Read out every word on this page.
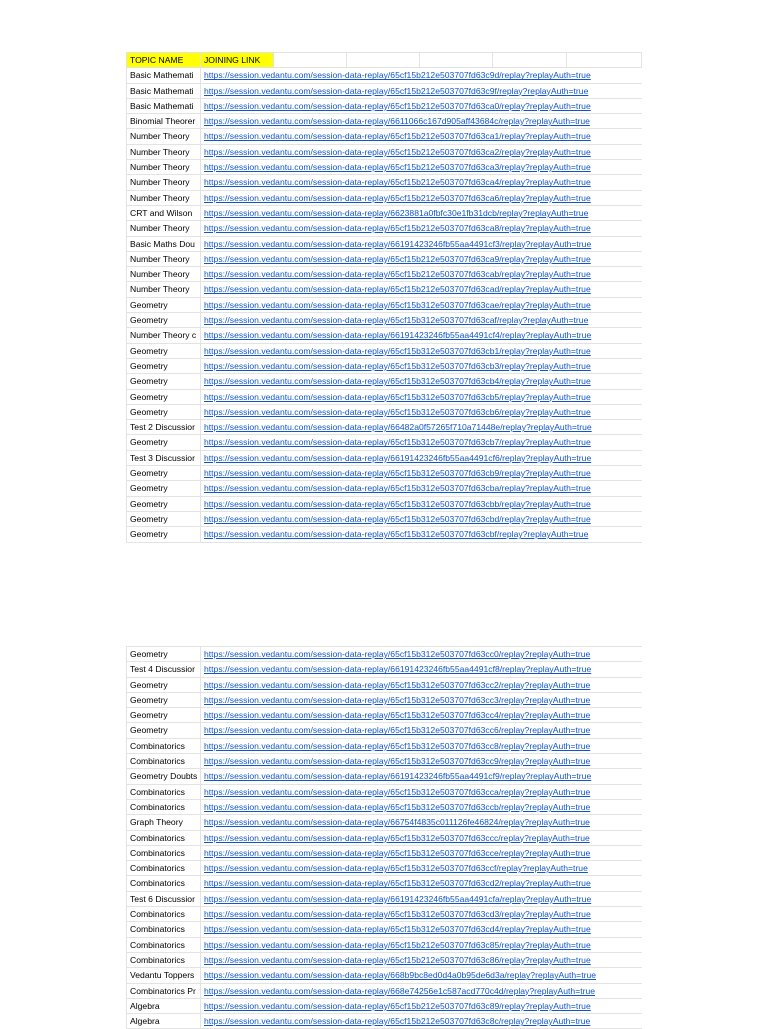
TOPIC NAME	JOINING LINK					
Basic Mathemati	https://session.vedantu.com/session-data-replay/65cf15b212e503707fd63c9d/replay?replayAuth=true					
Basic Mathemati	https://session.vedantu.com/session-data-replay/65cf15b212e503707fd63c9f/replay?replayAuth=true					
Basic Mathemati	https://session.vedantu.com/session-data-replay/65cf15b212e503707fd63ca0/replay?replayAuth=true					
Binomial Theorer	https://session.vedantu.com/session-data-replay/6611066c167d905aff43684c/replay?replayAuth=true					
Number Theory	https://session.vedantu.com/session-data-replay/65cf15b212e503707fd63ca1/replay?replayAuth=true					
Number Theory	https://session.vedantu.com/session-data-replay/65cf15b212e503707fd63ca2/replay?replayAuth=true					
Number Theory	https://session.vedantu.com/session-data-replay/65cf15b212e503707fd63ca3/replay?replayAuth=true					
Number Theory	https://session.vedantu.com/session-data-replay/65cf15b212e503707fd63ca4/replay?replayAuth=true					
Number Theory	https://session.vedantu.com/session-data-replay/65cf15b212e503707fd63ca6/replay?replayAuth=true					
CRT and Wilson	https://session.vedantu.com/session-data-replay/6623881a0fbfc30e1fb31dcb/replay?replayAuth=true					
Number Theory	https://session.vedantu.com/session-data-replay/65cf15b212e503707fd63ca8/replay?replayAuth=true					
Basic Maths Dou	https://session.vedantu.com/session-data-replay/66191423246fb55aa4491cf3/replay?replayAuth=true					
Number Theory	https://session.vedantu.com/session-data-replay/65cf15b212e503707fd63ca9/replay?replayAuth=true					
Number Theory	https://session.vedantu.com/session-data-replay/65cf15b212e503707fd63cab/replay?replayAuth=true					
Number Theory	https://session.vedantu.com/session-data-replay/65cf15b212e503707fd63cad/replay?replayAuth=true					
Geometry	https://session.vedantu.com/session-data-replay/65cf15b312e503707fd63cae/replay?replayAuth=true					
Geometry	https://session.vedantu.com/session-data-replay/65cf15b312e503707fd63caf/replay?replayAuth=true					
Number Theory c	https://session.vedantu.com/session-data-replay/66191423246fb55aa4491cf4/replay?replayAuth=true					
Geometry	https://session.vedantu.com/session-data-replay/65cf15b312e503707fd63cb1/replay?replayAuth=true					
Geometry	https://session.vedantu.com/session-data-replay/65cf15b312e503707fd63cb3/replay?replayAuth=true					
Geometry	https://session.vedantu.com/session-data-replay/65cf15b312e503707fd63cb4/replay?replayAuth=true					
Geometry	https://session.vedantu.com/session-data-replay/65cf15b312e503707fd63cb5/replay?replayAuth=true					
Geometry	https://session.vedantu.com/session-data-replay/65cf15b312e503707fd63cb6/replay?replayAuth=true					
Test 2 Discussior	https://session.vedantu.com/session-data-replay/66482a0f57265f710a71448e/replay?replayAuth=true					
Geometry	https://session.vedantu.com/session-data-replay/65cf15b312e503707fd63cb7/replay?replayAuth=true					
Test 3 Discussior	https://session.vedantu.com/session-data-replay/66191423246fb55aa4491cf6/replay?replayAuth=true					
Geometry	https://session.vedantu.com/session-data-replay/65cf15b312e503707fd63cb9/replay?replayAuth=true					
Geometry	https://session.vedantu.com/session-data-replay/65cf15b312e503707fd63cba/replay?replayAuth=true					
Geometry	https://session.vedantu.com/session-data-replay/65cf15b312e503707fd63cbb/replay?replayAuth=true					
Geometry	https://session.vedantu.com/session-data-replay/65cf15b312e503707fd63cbd/replay?replayAuth=true					
Geometry	https://session.vedantu.com/session-data-replay/65cf15b312e503707fd63cbf/replay?replayAuth=true					
Geometry	https://session.vedantu.com/session-data-replay/65cf15b312e503707fd63cc0/replay?replayAuth=true
Test 4 Discussior	https://session.vedantu.com/session-data-replay/66191423246fb55aa4491cf8/replay?replayAuth=true
Geometry	https://session.vedantu.com/session-data-replay/65cf15b312e503707fd63cc2/replay?replayAuth=true
Geometry	https://session.vedantu.com/session-data-replay/65cf15b312e503707fd63cc3/replay?replayAuth=true
Geometry	https://session.vedantu.com/session-data-replay/65cf15b312e503707fd63cc4/replay?replayAuth=true
Geometry	https://session.vedantu.com/session-data-replay/65cf15b312e503707fd63cc6/replay?replayAuth=true
Combinatorics	https://session.vedantu.com/session-data-replay/65cf15b312e503707fd63cc8/replay?replayAuth=true
Combinatorics	https://session.vedantu.com/session-data-replay/65cf15b312e503707fd63cc9/replay?replayAuth=true
Geometry Doubts	https://session.vedantu.com/session-data-replay/66191423246fb55aa4491cf9/replay?replayAuth=true
Combinatorics	https://session.vedantu.com/session-data-replay/65cf15b312e503707fd63cca/replay?replayAuth=true
Combinatorics	https://session.vedantu.com/session-data-replay/65cf15b312e503707fd63ccb/replay?replayAuth=true
Graph Theory	https://session.vedantu.com/session-data-replay/66754f4835c011126fe46824/replay?replayAuth=true
Combinatorics	https://session.vedantu.com/session-data-replay/65cf15b312e503707fd63ccc/replay?replayAuth=true
Combinatorics	https://session.vedantu.com/session-data-replay/65cf15b312e503707fd63cce/replay?replayAuth=true
Combinatorics	https://session.vedantu.com/session-data-replay/65cf15b312e503707fd63ccf/replay?replayAuth=true
Combinatorics	https://session.vedantu.com/session-data-replay/65cf15b312e503707fd63cd2/replay?replayAuth=true
Test 6 Discussior	https://session.vedantu.com/session-data-replay/66191423246fb55aa4491cfa/replay?replayAuth=true
Combinatorics	https://session.vedantu.com/session-data-replay/65cf15b312e503707fd63cd3/replay?replayAuth=true
Combinatorics	https://session.vedantu.com/session-data-replay/65cf15b312e503707fd63cd4/replay?replayAuth=true
Combinatorics	https://session.vedantu.com/session-data-replay/65cf15b212e503707fd63c85/replay?replayAuth=true
Combinatorics	https://session.vedantu.com/session-data-replay/65cf15b212e503707fd63c86/replay?replayAuth=true
Vedantu Toppers	https://session.vedantu.com/session-data-replay/668b9bc8ed0d4a0b95de6d3a/replay?replayAuth=true
Combinatorics Pr	https://session.vedantu.com/session-data-replay/668e74256e1c587acd770c4d/replay?replayAuth=true
Algebra	https://session.vedantu.com/session-data-replay/65cf15b212e503707fd63c89/replay?replayAuth=true
Algebra	https://session.vedantu.com/session-data-replay/65cf15b212e503707fd63c8c/replay?replayAuth=true
